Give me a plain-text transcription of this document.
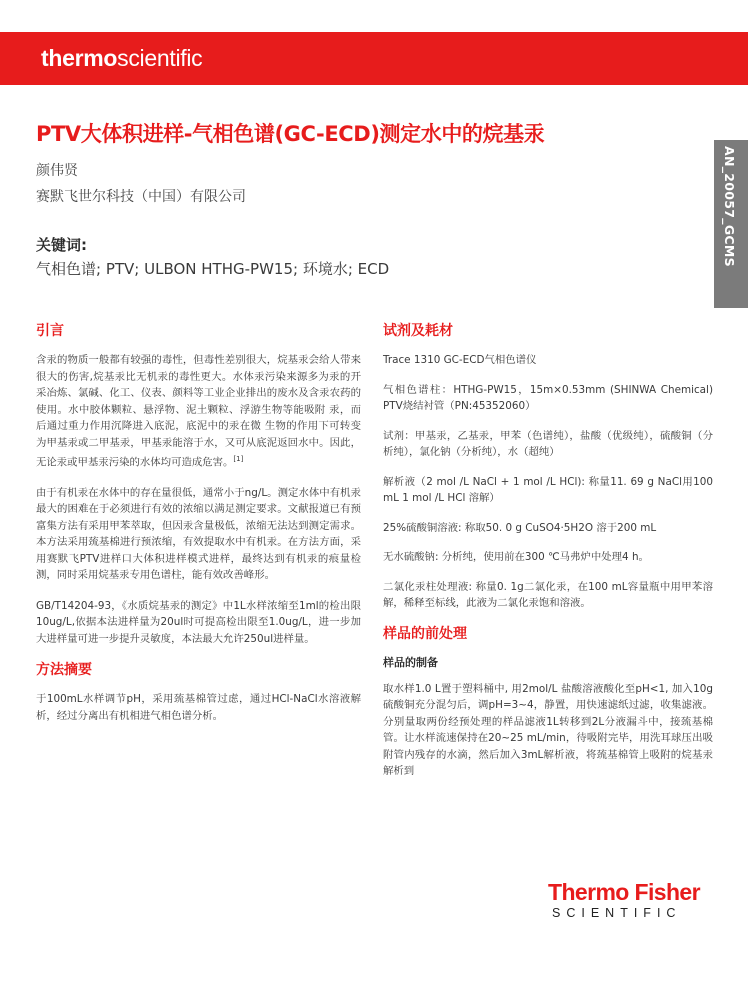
thermoscientific
AN_20057_GCMS
PTV大体积进样-气相色谱(GC-ECD)测定水中的烷基汞
颜伟贤
赛默飞世尔科技（中国）有限公司
关键词:
气相色谱; PTV; ULBON HTHG-PW15; 环境水; ECD
引言

含汞的物质一般都有较强的毒性，但毒性差别很大，烷基汞会给人带来很大的伤害,烷基汞比无机汞的毒性更大。水体汞污染来源多为汞的开采冶炼、氯碱、化工、仪表、颜料等工业企业排出的废水及含汞农药的使用。水中胶体颗粒、悬浮物、泥土颗粒、浮游生物等能吸附 汞，而后通过重力作用沉降进入底泥，底泥中的汞在微 生物的作用下可转变为甲基汞或二甲基汞，甲基汞能溶于水，又可从底泥返回水中。因此，无论汞或甲基汞污染的水体均可造成危害。[1]

由于有机汞在水体中的存在量很低，通常小于ng/L。测定水体中有机汞最大的困难在于必须进行有效的浓缩以满足测定要求。文献报道已有预富集方法有采用甲苯萃取，但因汞含量极低，浓缩无法达到测定需求。本方法采用巯基棉进行预浓缩，有效提取水中有机汞。在方法方面，采用赛默飞PTV进样口大体积进样模式进样，最终达到有机汞的痕量检测，同时采用烷基汞专用色谱柱，能有效改善峰形。

GB/T14204-93，《水质烷基汞的测定》中1L水样浓缩至1ml的检出限10ug/L,依据本法进样量为20ul时可提高检出限至1.0ug/L，进一步加大进样量可进一步提升灵敏度，本法最大允许250ul进样量。

方法摘要

于100mL水样调节pH，采用巯基棉管过虑，通过HCl-NaCl水溶液解析，经过分离出有机相进气相色谱分析。

试剂及耗材

Trace 1310 GC-ECD气相色谱仪

气相色谱柱：HTHG-PW15，15m×0.53mm (SHINWA Chemical) PTV烧结衬管（PN:45352060）

试剂：甲基汞，乙基汞，甲苯（色谱纯），盐酸（优级纯），硫酸铜（分析纯），氯化钠（分析纯），水（超纯）

解析液（2 mol /L NaCl + 1 mol /L HCl): 称量11. 69 g NaCl用100 mL 1 mol /L HCl 溶解）

25%硫酸铜溶液: 称取50. 0 g CuSO4·5H2O 溶于200 mL

无水硫酸钠: 分析纯，使用前在300 ℃马弗炉中处理4 h。

二氯化汞柱处理液: 称量0. 1g二氯化汞，在100 mL容量瓶中用甲苯溶解，稀释至标线，此液为二氯化汞饱和溶液。

样品的前处理
样品的制备

取水样1.0 L置于塑料桶中, 用2mol/L 盐酸溶液酸化至pH<1, 加入10g硫酸铜充分混匀后，调pH=3~4，静置，用快速滤纸过滤，收集滤液。分别量取两份经预处理的样品滤液1L转移到2L分液漏斗中，接巯基棉管。让水样流速保持在20~25 mL/min，待吸附完毕，用洗耳球压出吸附管内残存的水滴，然后加入3mL解析液，将巯基棉管上吸附的烷基汞解析到

Thermo Fisher
SCIENTIFIC
